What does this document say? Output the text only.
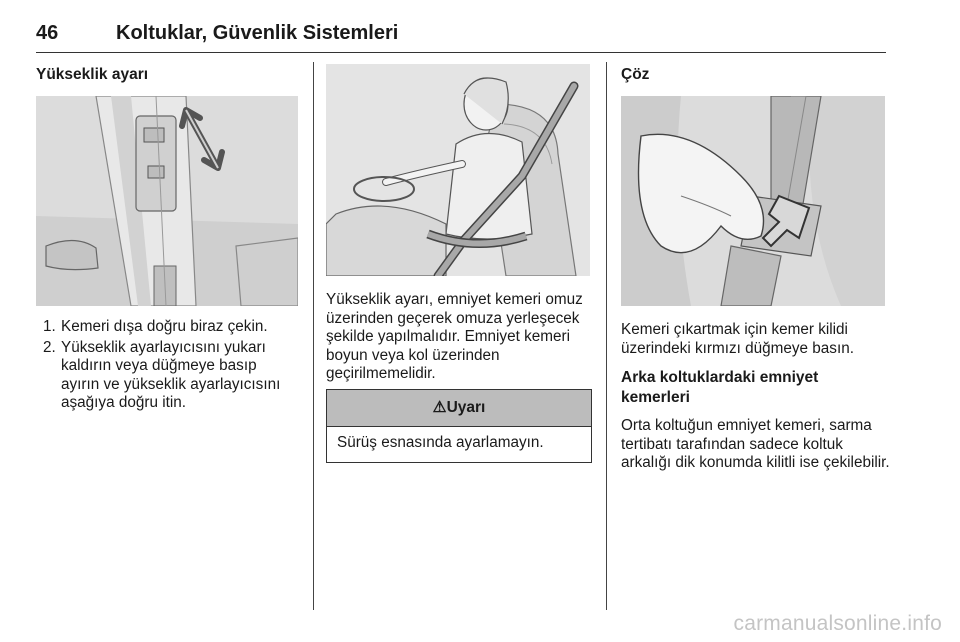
46	Koltuklar, Güvenlik Sistemleri
Yükseklik ayarı
1. Kemeri dışa doğru biraz çekin.
2. Yükseklik ayarlayıcısını yukarı kaldırın veya düğmeye basıp ayırın ve yükseklik ayarlayıcısını aşağıya doğru itin.
Yükseklik ayarı, emniyet kemeri omuz üzerinden geçerek omuza yerleşecek şekilde yapılmalıdır. Emniyet kemeri boyun veya kol üzerinden geçirilmemelidir.
⚠Uyarı
Sürüş esnasında ayarlamayın.
Çöz
Kemeri çıkartmak için kemer kilidi üzerindeki kırmızı düğmeye basın.
Arka koltuklardaki emniyet kemerleri
Orta koltuğun emniyet kemeri, sarma tertibatı tarafından sadece koltuk arkalığı dik konumda kilitli ise çekilebilir.
carmanualsonline.info
